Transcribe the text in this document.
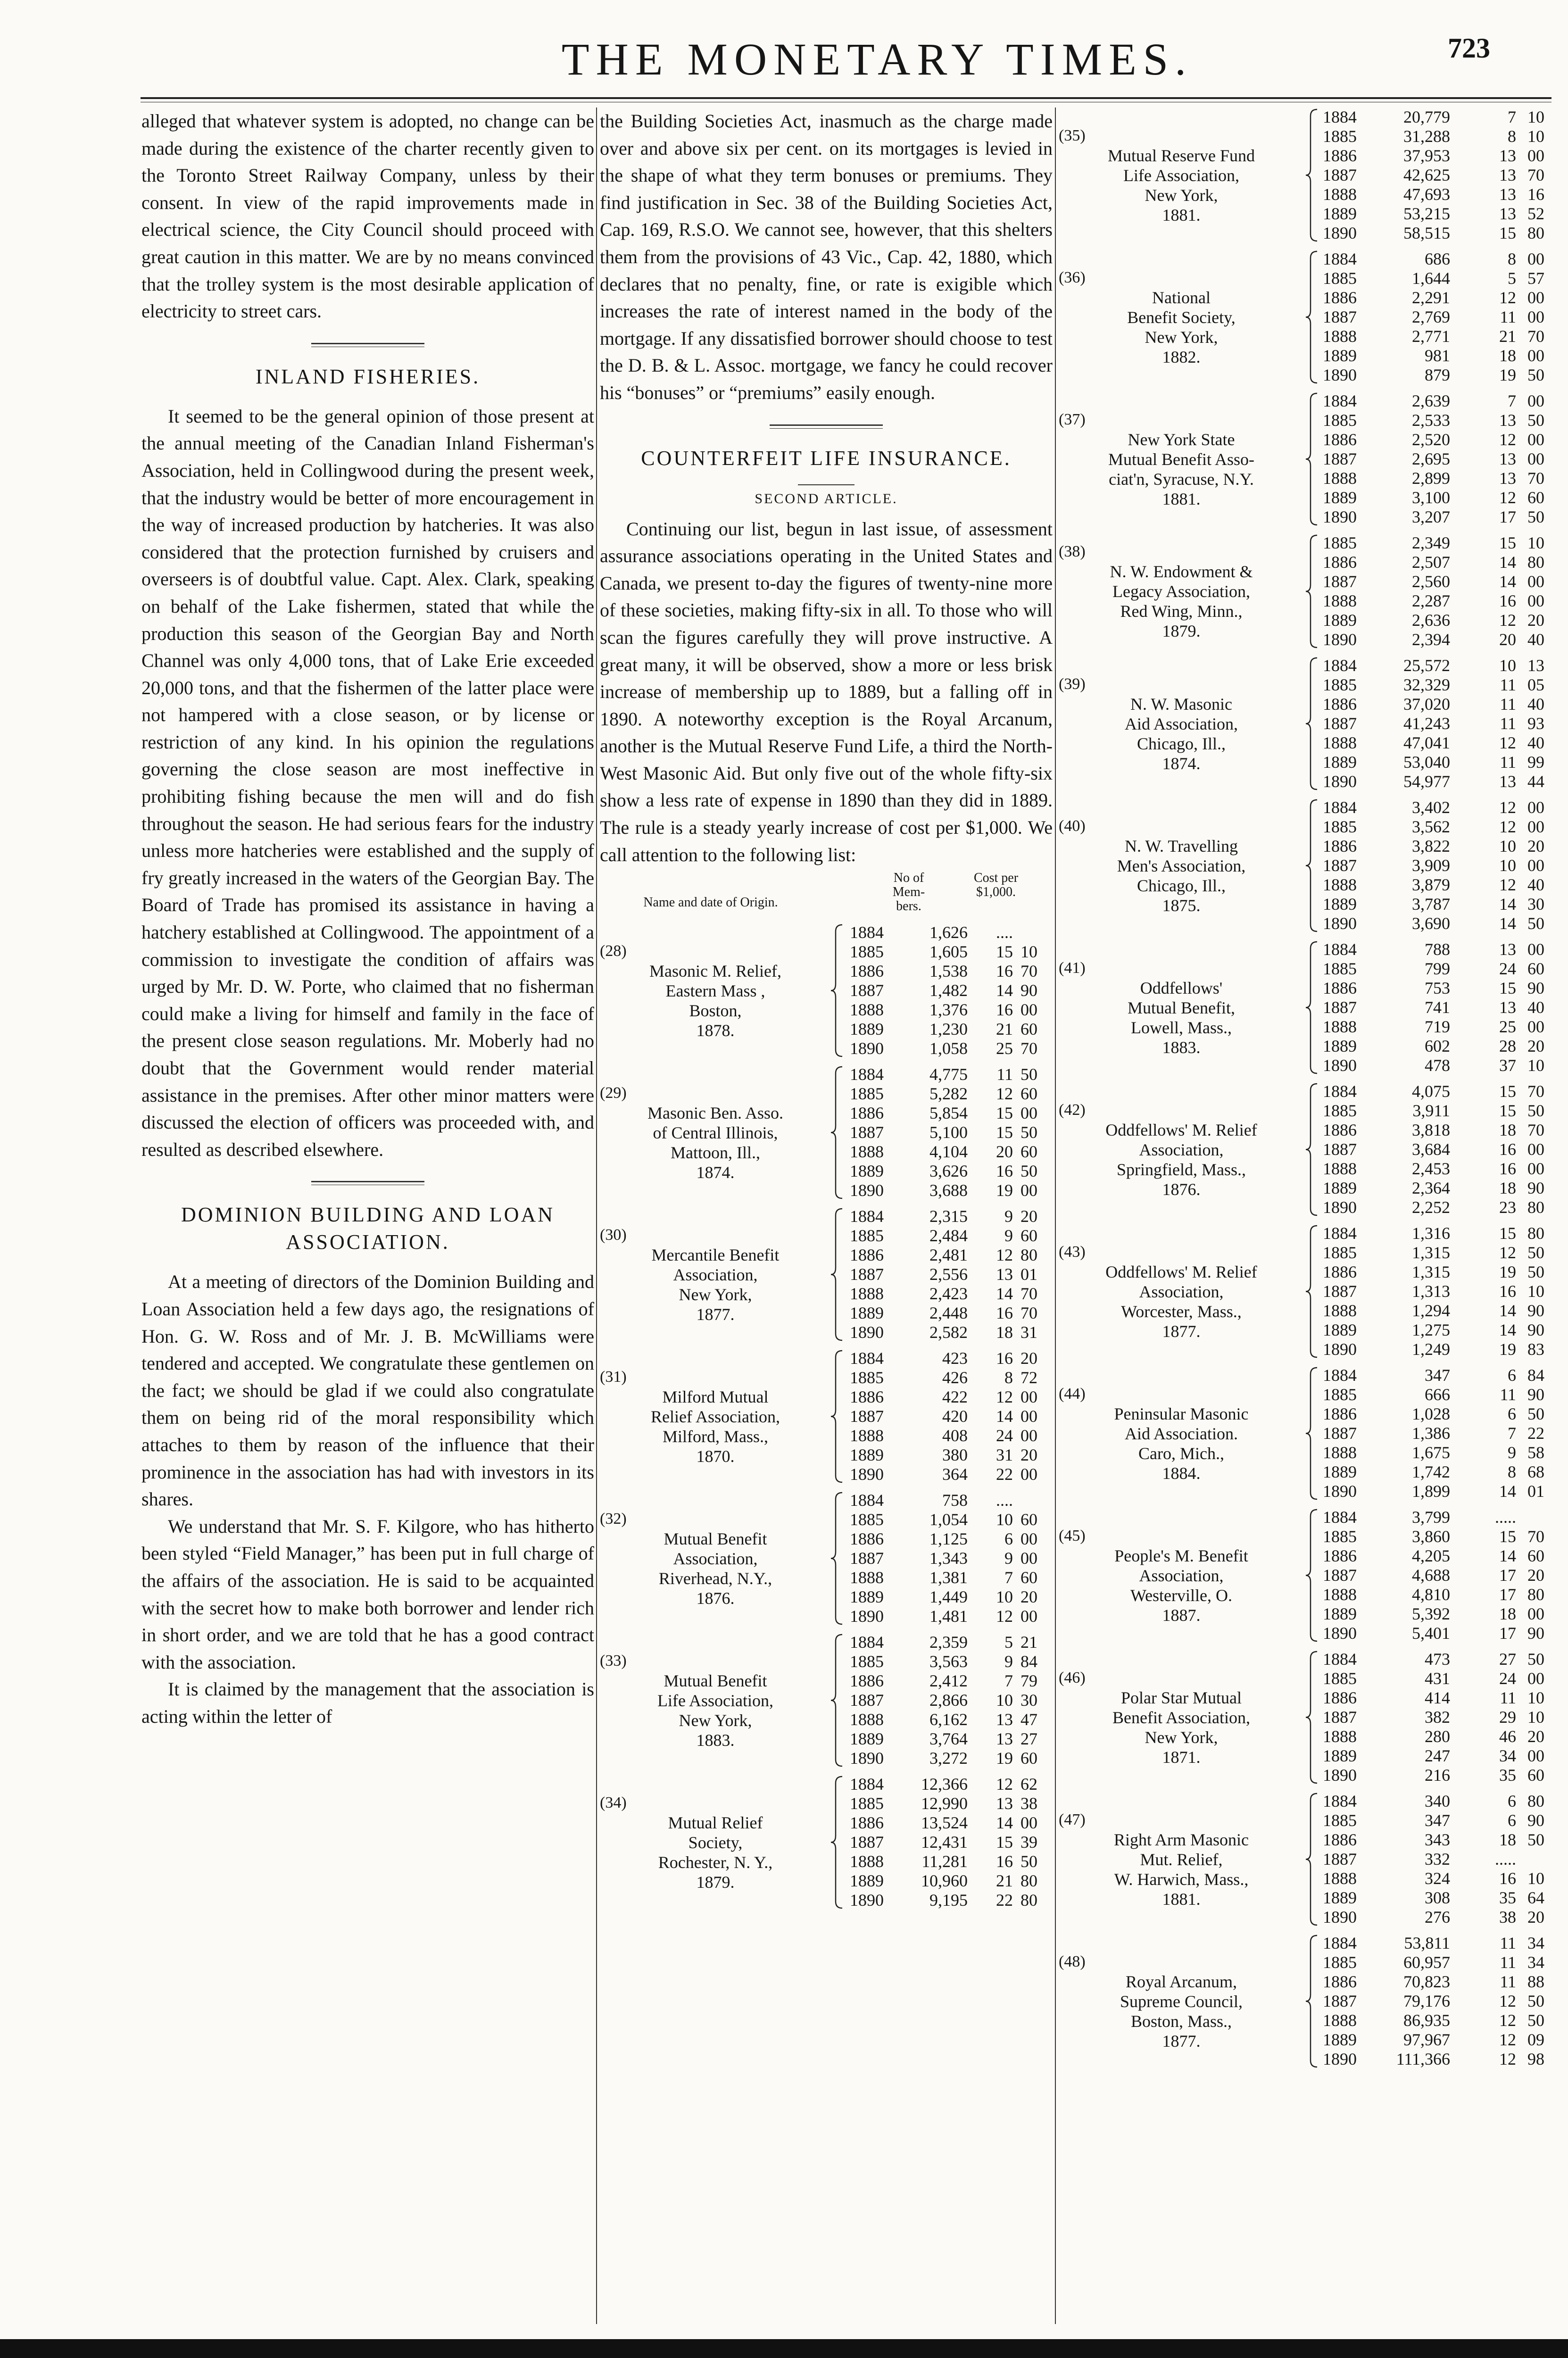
THE MONETARY TIMES.	723

alleged that whatever system is adopted, no change can be made during the existence of the charter recently given to the Toronto Street Railway Company, unless by their consent. In view of the rapid improvements made in electrical science, the City Council should proceed with great caution in this matter. We are by no means convinced that the trolley system is the most desirable application of electricity to street cars.

INLAND FISHERIES.

It seemed to be the general opinion of those present at the annual meeting of the Canadian Inland Fisherman's Association, held in Collingwood during the present week, that the industry would be better of more encouragement in the way of increased production by hatcheries. It was also considered that the protection furnished by cruisers and overseers is of doubtful value. Capt. Alex. Clark, speaking on behalf of the Lake fishermen, stated that while the production this season of the Georgian Bay and North Channel was only 4,000 tons, that of Lake Erie exceeded 20,000 tons, and that the fishermen of the latter place were not hampered with a close season, or by license or restriction of any kind. In his opinion the regulations governing the close season are most ineffective in prohibiting fishing because the men will and do fish throughout the season. He had serious fears for the industry unless more hatcheries were established and the supply of fry greatly increased in the waters of the Georgian Bay. The Board of Trade has promised its assistance in having a hatchery established at Collingwood. The appointment of a commission to investigate the condition of affairs was urged by Mr. D. W. Porte, who claimed that no fisherman could make a living for himself and family in the face of the present close season regulations. Mr. Moberly had no doubt that the Government would render material assistance in the premises. After other minor matters were discussed the election of officers was proceeded with, and resulted as described elsewhere.

DOMINION BUILDING AND LOAN ASSOCIATION.

At a meeting of directors of the Dominion Building and Loan Association held a few days ago, the resignations of Hon. G. W. Ross and of Mr. J. B. McWilliams were tendered and accepted. We congratulate these gentlemen on the fact; we should be glad if we could also congratulate them on being rid of the moral responsibility which attaches to them by reason of the influence that their prominence in the association has had with investors in its shares.

We understand that Mr. S. F. Kilgore, who has hitherto been styled “Field Manager,” has been put in full charge of the affairs of the association. He is said to be acquainted with the secret how to make both borrower and lender rich in short order, and we are told that he has a good contract with the association.

It is claimed by the management that the association is acting within the letter of

the Building Societies Act, inasmuch as the charge made over and above six per cent. on its mortgages is levied in the shape of what they term bonuses or premiums. They find justification in Sec. 38 of the Building Societies Act, Cap. 169, R.S.O. We cannot see, however, that this shelters them from the provisions of 43 Vic., Cap. 42, 1880, which declares that no penalty, fine, or rate is exigible which increases the rate of interest named in the body of the mortgage. If any dissatisfied borrower should choose to test the D. B. & L. Assoc. mortgage, we fancy he could recover his “bonuses” or “premiums” easily enough.

COUNTERFEIT LIFE INSURANCE.
SECOND ARTICLE.

Continuing our list, begun in last issue, of assessment assurance associations operating in the United States and Canada, we present to-day the figures of twenty-nine more of these societies, making fifty-six in all. To those who will scan the figures carefully they will prove instructive. A great many, it will be observed, show a more or less brisk increase of membership up to 1889, but a falling off in 1890. A noteworthy exception is the Royal Arcanum, another is the Mutual Reserve Fund Life, a third the North-West Masonic Aid. But only five out of the whole fifty-six show a less rate of expense in 1890 than they did in 1889. The rule is a steady yearly increase of cost per $1,000. We call attention to the following list:

Name and date of Origin.
No of Mem-bers.
Cost per $1,000.
(28)
Masonic M. Relief,
Eastern Mass ,
Boston,
1878.
1884	1,626 ....
1885	1,605 15 10
1886	1,538 16 70
1887	1,482 14 90
1888	1,376 16 00
1889	1,230 21 60
1890	1,058 25 70
(29)
Masonic Ben. Asso.
of Central Illinois,
Mattoon, Ill.,
1874.
1884	4,775	11 50
1885	5,282 12 60
1886	5,854 15 00
1887	5,100 15 50
1888	4,104 20 60
1889	3,626 16 50
1890	3,688 19 00
(30)
Mercantile Benefit
Association,
New York,
1877.
1884	2,315	9 20
1885	2,484	9 60
1886	2,481 12 80
1887	2,556 13 01
1888	2,423 14 70
1889	2,448 16 70
1890	2,582 18 31
(31)
Milford Mutual
Relief Association,
Milford, Mass.,
1870.
1884	423 16 20
1885	426	8 72
1886	422 12 00
1887	420 14 00
1888	408 24 00
1889	380 31 20
1890	364 22 00
(32)
Mutual Benefit
Association,
Riverhead, N.Y.,
1876.
1884	758 ....
1885	1,054 10 60
1886	1,125	6 00
1887	1,343	9 00
1888	1,381	7 60
1889	1,449 10 20
1890	1,481 12 00
(33)
Mutual Benefit
Life Association,
New York,
1883.
1884	2,359	5 21
1885	3,563	9 84
1886	2,412	7 79
1887	2,866 10 30
1888	6,162 13 47
1889	3,764 13 27
1890	3,272 19 60
(34)
Mutual Relief
Society,
Rochester, N. Y.,
1879.
1884	12,366 12 62
1885	12,990 13 38
1886	13,524 14 00
1887	12,431 15 39
1888	11,281 16 50
1889	10,960 21 80
1890	9,195 22 80
(35)
Mutual Reserve Fund
Life Association,
New York,
1881.
1884	20,779	7 10
1885	31,288	8 10
1886	37,953	13 00
1887	42,625	13 70
1888	47,693	13 16
1889	53,215	13 52
1890	58,515	15 80
(36)
National
Benefit Society,
New York,
1882.
1884	686	8 00
1885	1,644	5 57
1886	2,291	12 00
1887	2,769	11 00
1888	2,771	21 70
1889	981	18 00
1890	879	19 50
(37)
New York State
Mutual Benefit Asso-
ciat'n, Syracuse, N.Y.
1881.
1884	2,639	7 00
1885	2,533	13 50
1886	2,520	12 00
1887	2,695	13 00
1888	2,899	13 70
1889	3,100	12 60
1890	3,207	17 50
(38)
N. W. Endowment &
Legacy Association,
Red Wing, Minn.,
1879.
1885	2,349	15 10
1886	2,507	14 80
1887	2,560	14 00
1888	2,287	16 00
1889	2,636	12 20
1890	2,394	20 40
(39)
N. W. Masonic
Aid Association,
Chicago, Ill.,
1874.
1884	25,572	10 13
1885	32,329	11 05
1886	37,020	11 40
1887	41,243	11 93
1888	47,041	12 40
1889	53,040	11 99
1890	54,977	13 44
(40)
N. W. Travelling
Men's Association,
Chicago, Ill.,
1875.
1884	3,402	12 00
1885	3,562	12 00
1886	3,822	10 20
1887	3,909	10 00
1888	3,879	12 40
1889	3,787	14 30
1890	3,690	14 50
(41)
Oddfellows'
Mutual Benefit,
Lowell, Mass.,
1883.
1884	788	13 00
1885	799	24 60
1886	753	15 90
1887	741	13 40
1888	719	25 00
1889	602	28 20
1890	478	37 10
(42)
Oddfellows' M. Relief
Association,
Springfield, Mass.,
1876.
1884	4,075	15 70
1885	3,911	15 50
1886	3,818	18 70
1887	3,684	16 00
1888	2,453	16 00
1889	2,364	18 90
1890	2,252	23 80
(43)
Oddfellows' M. Relief
Association,
Worcester, Mass.,
1877.
1884	1,316	15 80
1885	1,315	12 50
1886	1,315	19 50
1887	1,313	16 10
1888	1,294	14 90
1889	1,275	14 90
1890	1,249	19 83
(44)
Peninsular Masonic
Aid Association.
Caro, Mich.,
1884.
1884	347	6 84
1885	666	11 90
1886	1,028	6 50
1887	1,386	7 22
1888	1,675	9 58
1889	1,742	8 68
1890	1,899	14 01
(45)
People's M. Benefit
Association,
Westerville, O.
1887.
1884	3,799	.....
1885	3,860	15 70
1886	4,205	14 60
1887	4,688	17 20
1888	4,810	17 80
1889	5,392	18 00
1890	5,401	17 90
(46)
Polar Star Mutual
Benefit Association,
New York,
1871.
1884	473	27 50
1885	431	24 00
1886	414	11 10
1887	382	29 10
1888	280	46 20
1889	247	34 00
1890	216	35 60
(47)
Right Arm Masonic
Mut. Relief,
W. Harwich, Mass.,
1881.
1884	340	6 80
1885	347	6 90
1886	343	18 50
1887	332	.....
1888	324	16 10
1889	308	35 64
1890	276	38 20
(48)
Royal Arcanum,
Supreme Council,
Boston, Mass.,
1877.
1884	53,811	11 34
1885	60,957	11 34
1886	70,823	11 88
1887	79,176	12 50
1888	86,935	12 50
1889	97,967	12 09
1890	111,366	12 98
